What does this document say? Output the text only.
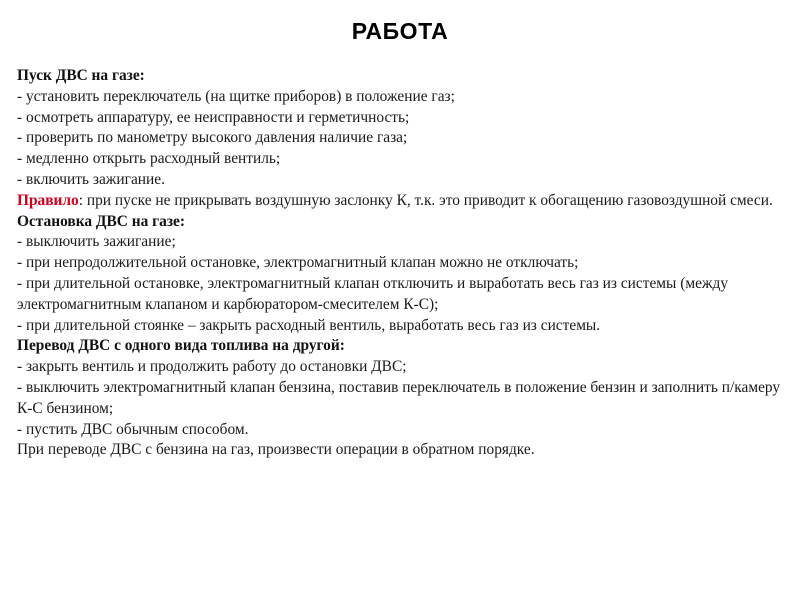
РАБОТА

Пуск ДВС на газе:

- установить переключатель (на щитке приборов) в положение газ;

- осмотреть аппаратуру, ее неисправности и герметичность;

- проверить по манометру высокого давления наличие газа;

- медленно открыть расходный вентиль;

- включить зажигание.

Правило: при пуске не прикрывать воздушную заслонку К, т.к. это приводит к обогащению газовоздушной смеси.

Остановка ДВС на газе:

- выключить зажигание;

- при непродолжительной остановке, электромагнитный клапан можно не отключать;

- при длительной остановке, электромагнитный клапан отключить и выработать весь газ из системы (между электромагнитным клапаном и карбюратором-смесителем К-С);

- при длительной стоянке – закрыть расходный вентиль, выработать весь газ из системы.

Перевод ДВС с одного вида топлива на другой:

- закрыть вентиль и продолжить работу до остановки ДВС;

- выключить электромагнитный клапан бензина, поставив переключатель в положение бензин и заполнить п/камеру К-С бензином;

- пустить ДВС обычным способом.

При переводе ДВС с бензина на газ, произвести операции в обратном порядке.
